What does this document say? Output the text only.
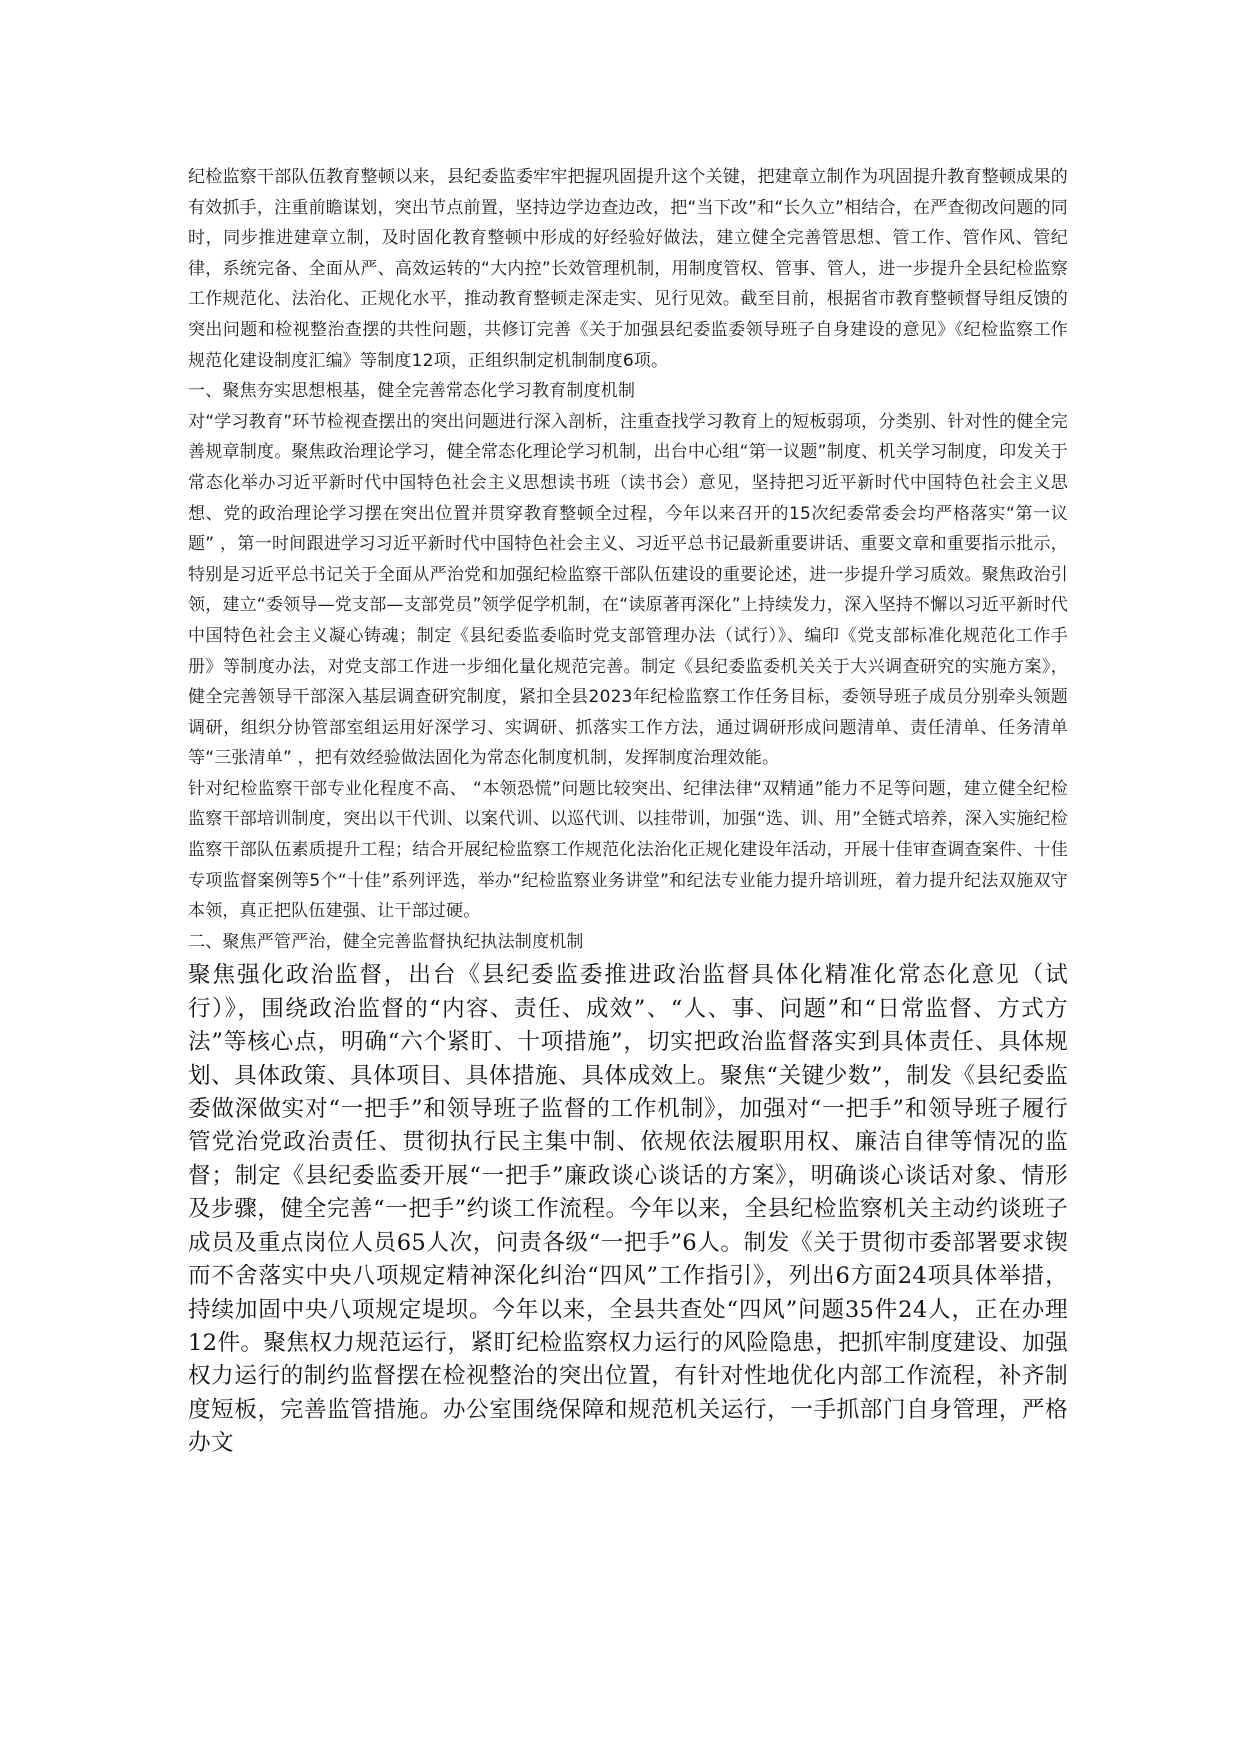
纪检监察干部队伍教育整顿以来，县纪委监委牢牢把握巩固提升这个关键，把建章立制作为巩固提升教育整顿成果的有效抓手，注重前瞻谋划，突出节点前置，坚持边学边查边改，把“当下改”和“长久立”相结合，在严查彻改问题的同时，同步推进建章立制，及时固化教育整顿中形成的好经验好做法，建立健全完善管思想、管工作、管作风、管纪律，系统完备、全面从严、高效运转的“大内控”长效管理机制，用制度管权、管事、管人，进一步提升全县纪检监察工作规范化、法治化、正规化水平，推动教育整顿走深走实、见行见效。截至目前，根据省市教育整顿督导组反馈的突出问题和检视整治查摆的共性问题，共修订完善《关于加强县纪委监委领导班子自身建设的意见》《纪检监察工作规范化建设制度汇编》等制度12项，正组织制定机制制度6项。

一、聚焦夯实思想根基，健全完善常态化学习教育制度机制

对“学习教育”环节检视查摆出的突出问题进行深入剖析，注重查找学习教育上的短板弱项，分类别、针对性的健全完善规章制度。聚焦政治理论学习，健全常态化理论学习机制，出台中心组“第一议题”制度、机关学习制度，印发关于常态化举办习近平新时代中国特色社会主义思想读书班（读书会）意见，坚持把习近平新时代中国特色社会主义思想、党的政治理论学习摆在突出位置并贯穿教育整顿全过程，今年以来召开的15次纪委常委会均严格落实“第一议题” ，第一时间跟进学习习近平新时代中国特色社会主义、习近平总书记最新重要讲话、重要文章和重要指示批示，特别是习近平总书记关于全面从严治党和加强纪检监察干部队伍建设的重要论述，进一步提升学习质效。聚焦政治引领，建立“委领导—党支部—支部党员”领学促学机制，在“读原著再深化”上持续发力，深入坚持不懈以习近平新时代中国特色社会主义凝心铸魂；制定《县纪委监委临时党支部管理办法（试行）》、编印《党支部标准化规范化工作手册》等制度办法，对党支部工作进一步细化量化规范完善。制定《县纪委监委机关关于大兴调查研究的实施方案》，健全完善领导干部深入基层调查研究制度，紧扣全县2023年纪检监察工作任务目标，委领导班子成员分别牵头领题调研，组织分协管部室组运用好深学习、实调研、抓落实工作方法，通过调研形成问题清单、责任清单、任务清单等“三张清单” ，把有效经验做法固化为常态化制度机制，发挥制度治理效能。

针对纪检监察干部专业化程度不高、 “本领恐慌”问题比较突出、纪律法律“双精通”能力不足等问题，建立健全纪检监察干部培训制度，突出以干代训、以案代训、以巡代训、以挂带训，加强“选、训、用”全链式培养，深入实施纪检监察干部队伍素质提升工程；结合开展纪检监察工作规范化法治化正规化建设年活动，开展十佳审查调查案件、十佳专项监督案例等5个“十佳”系列评选，举办“纪检监察业务讲堂”和纪法专业能力提升培训班，着力提升纪法双施双守本领，真正把队伍建强、让干部过硬。

二、聚焦严管严治，健全完善监督执纪执法制度机制

聚焦强化政治监督，出台《县纪委监委推进政治监督具体化精准化常态化意见（试行）》，围绕政治监督的“内容、责任、成效”、“人、事、问题”和“日常监督、方式方法”等核心点，明确“六个紧盯、十项措施”，切实把政治监督落实到具体责任、具体规划、具体政策、具体项目、具体措施、具体成效上。聚焦“关键少数”，制发《县纪委监委做深做实对“一把手”和领导班子监督的工作机制》，加强对“一把手”和领导班子履行管党治党政治责任、贯彻执行民主集中制、依规依法履职用权、廉洁自律等情况的监督；制定《县纪委监委开展“一把手”廉政谈心谈话的方案》，明确谈心谈话对象、情形及步骤，健全完善“一把手”约谈工作流程。今年以来，全县纪检监察机关主动约谈班子成员及重点岗位人员65人次，问责各级“一把手”6人。制发《关于贯彻市委部署要求锲而不舍落实中央八项规定精神深化纠治“四风”工作指引》，列出6方面24项具体举措，持续加固中央八项规定堤坝。今年以来，全县共查处“四风”问题35件24人，正在办理12件。聚焦权力规范运行，紧盯纪检监察权力运行的风险隐患，把抓牢制度建设、加强权力运行的制约监督摆在检视整治的突出位置，有针对性地优化内部工作流程，补齐制度短板，完善监管措施。办公室围绕保障和规范机关运行，一手抓部门自身管理，严格办文
